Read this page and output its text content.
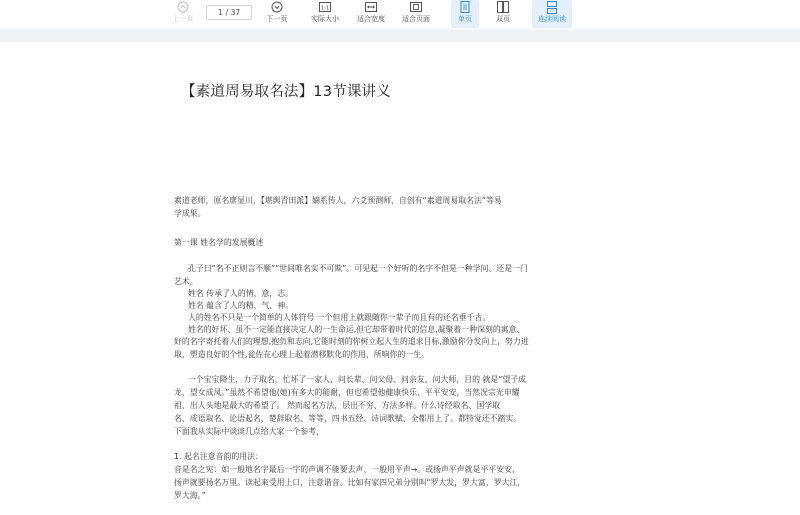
上一页
1 / 37
下一页
1:1
实际大小	适合宽度 适合页面	单页	双页	连续阅读
【素道周易取名法】13节课讲义
素道老师，原名廖显川，【堪舆青田派】嫡系传人，六爻预测师，自创有“素道周易取名法”等易
学成果。
第一课 姓名学的发展概述
孔子曰“名不正则言不顺”“世间唯名实不可欺”。可见起一个好听的名字不但是一种学问、还是一门
艺术。
姓名 传承了人的情，意，志。
姓名 蕴含了人的精，气，神。
人的姓名不只是一个简单的人体符号 一个但用上就跟随你一辈子而且有的还名垂千古。
姓名的好坏、虽不一定能直接决定人的一生命运,但它却带着时代的信息,凝聚着一种深刻的寓意、
好的名字寄托着人们的理想,抱负和志向,它能时刻的你树立起人生的追求目标,激励你分发向上，努力进
取，塑造良好的个性,瓮佐在心理上起着潜移默化的作用，所响你的一生。
一个宝宝降生，力子取名，忙坏了一家人，问长辈、问父母、问亲友，问大师，目的 就是“望子成
龙，望女成凤。”虽然不希望他(她)有多大的能耐，但也希望他健康快乐、平平安安，当然况宗光申耀
祖、出人头地是最大的希望了。 然而起名方法，层出不穷、方法多样。什么诗经取名、国学取
名、成语取名、论语起名，楚辞取名、等等，四书五经、诗词歌赋、全都用上了。都特觉还不踏实。
下面我从实际中谈谈几点给大家一个参考，
1. 起名注意音韵的用法：
音是名之宪：如一般地名字最后一字的声调不能要去声、一般用平声→。或扬声平声就是平平安安，
扬声就要扬名万里。读起来受用上口，注意谐音。比如有家四兄弟分别叫“罗大发，罗大富，罗大江，
罗大海。”
